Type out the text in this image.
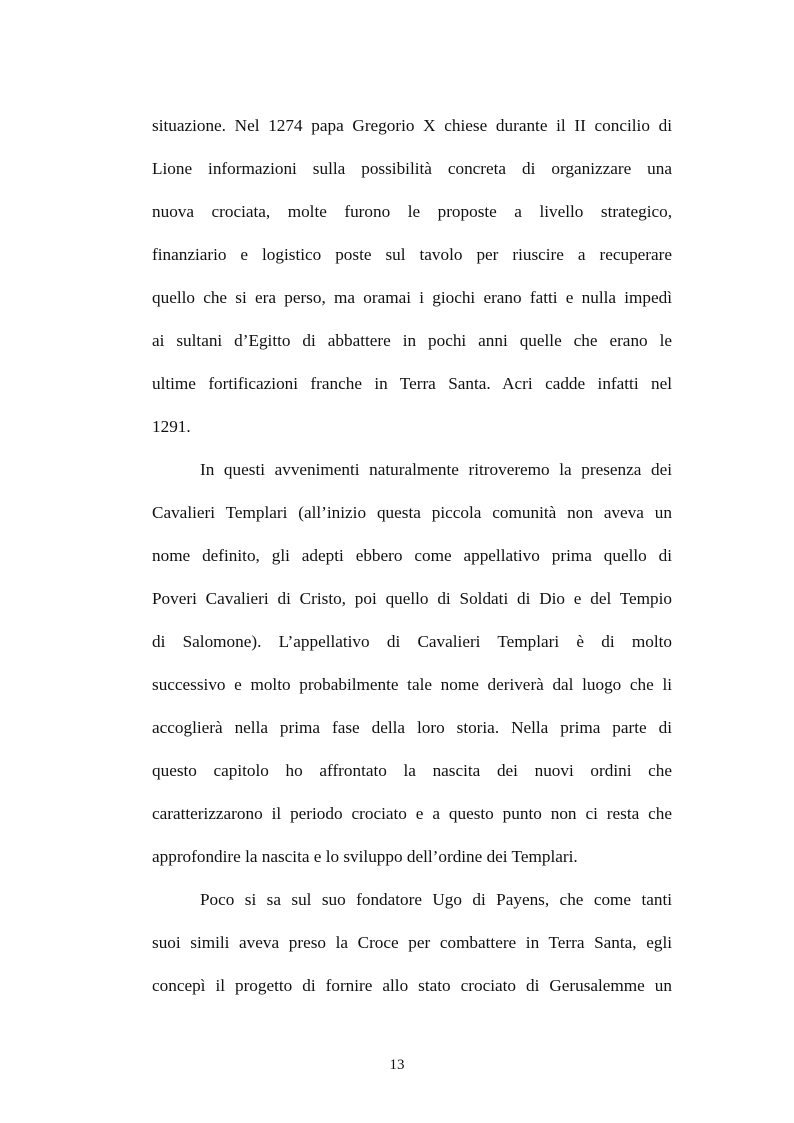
situazione. Nel 1274 papa Gregorio X chiese durante il II concilio di
Lione informazioni sulla possibilità concreta di organizzare una
nuova crociata, molte furono le proposte a livello strategico,
finanziario e logistico poste sul tavolo per riuscire a recuperare
quello che si era perso, ma oramai i giochi erano fatti e nulla impedì
ai sultani d’Egitto di abbattere in pochi anni quelle che erano le
ultime fortificazioni franche in Terra Santa. Acri cadde infatti nel
1291.
In questi avvenimenti naturalmente ritroveremo la presenza dei
Cavalieri Templari (all’inizio questa piccola comunità non aveva un
nome definito, gli adepti ebbero come appellativo prima quello di
Poveri Cavalieri di Cristo, poi quello di Soldati di Dio e del Tempio
di Salomone). L’appellativo di Cavalieri Templari è di molto
successivo e molto probabilmente tale nome deriverà dal luogo che li
accoglierà nella prima fase della loro storia. Nella prima parte di
questo capitolo ho affrontato la nascita dei nuovi ordini che
caratterizzarono il periodo crociato e a questo punto non ci resta che
approfondire la nascita e lo sviluppo dell’ordine dei Templari.
Poco si sa sul suo fondatore Ugo di Payens, che come tanti
suoi simili aveva preso la Croce per combattere in Terra Santa, egli
concepì il progetto di fornire allo stato crociato di Gerusalemme un
13
